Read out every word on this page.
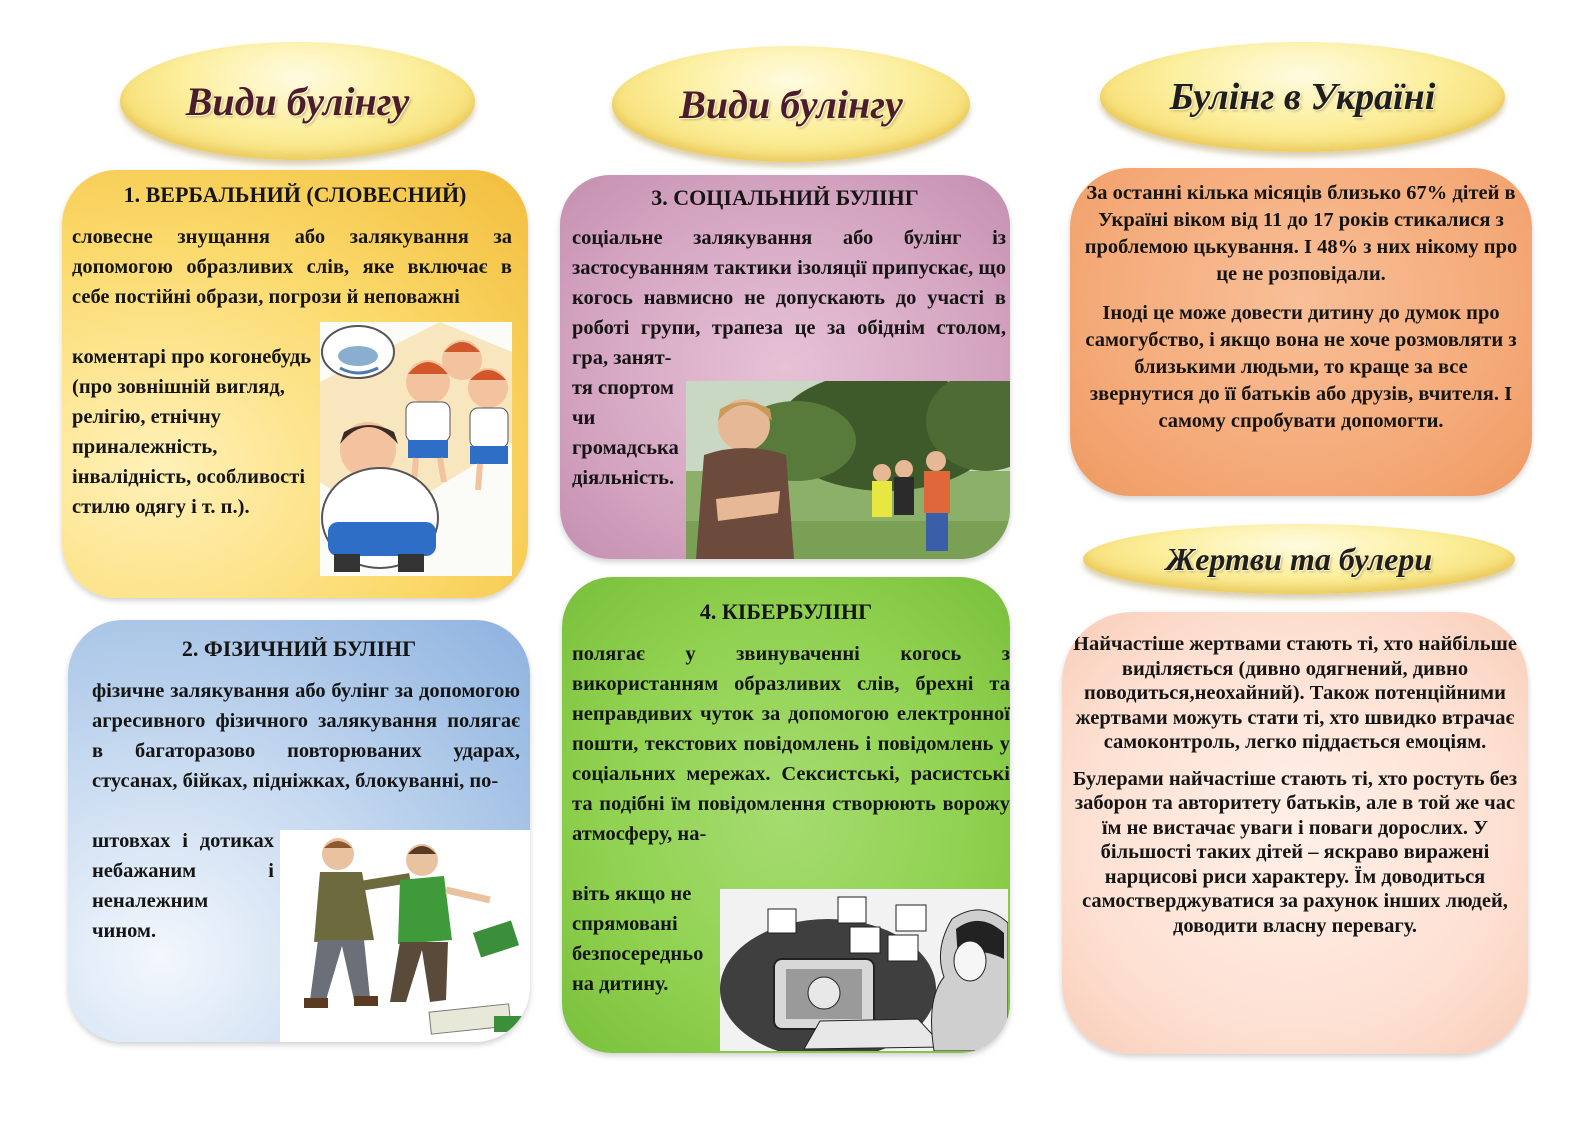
Види булінгу	Види булінгу	Булінг в Україні
Жертви та булери
1. ВЕРБАЛЬНИЙ (СЛОВЕСНИЙ)

словесне знущання або залякування за допомогою образливих слів, яке включає в себе постійні образи, погрози й неповажні

коментарі про когонебудь (про зовнішній вигляд, релігію, етнічну приналежність, інвалідність, особливості стилю одягу і т. п.).

2. ФІЗИЧНИЙ БУЛІНГ

фізичне залякування або булінг за допомогою агресивного фізичного залякування полягає в багаторазово повторюваних ударах, стусанах, бійках, підніжках, блокуванні, по-

штовхах і дотиках небажаним і неналежним чином.

3. СОЦІАЛЬНИЙ БУЛІНГ

соціальне залякування або булінг із застосуванням тактики ізоляції припускає, що когось навмисно не допускають до участі в роботі групи, трапеза це за обіднім столом, гра, занят-

тя спортом чи громадська діяльність.

4. КІБЕРБУЛІНГ

полягає у звинуваченні когось з використанням образливих слів, брехні та неправдивих чуток за допомогою електронної пошти, текстових повідомлень і повідомлень у соціальних мережах. Сексистські, расистські та подібні їм повідомлення створюють ворожу атмосферу, на-

віть якщо не спрямовані безпосередньо на дитину.

За останні кілька місяців близько 67% дітей в Україні віком від 11 до 17 років стикалися з проблемою цькування. І 48% з них нікому про це не розповідали.

Іноді це може довести дитину до думок про самогубство, і якщо вона не хоче розмовляти з близькими людьми, то краще за все звернутися до її батьків або друзів, вчителя. І самому спробувати допомогти.

Найчастіше жертвами стають ті, хто найбільше виділяється (дивно одягнений, дивно поводиться,неохайний). Також потенційними жертвами можуть стати ті, хто швидко втрачає самоконтроль, легко піддається емоціям.

Булерами найчастіше стають ті, хто ростуть без заборон та авторитету батьків, але в той же час їм не вистачає уваги і поваги дорослих. У більшості таких дітей – яскраво виражені нарцисові риси характеру. Їм доводиться самостверджуватися за рахунок інших людей, доводити власну перевагу.
